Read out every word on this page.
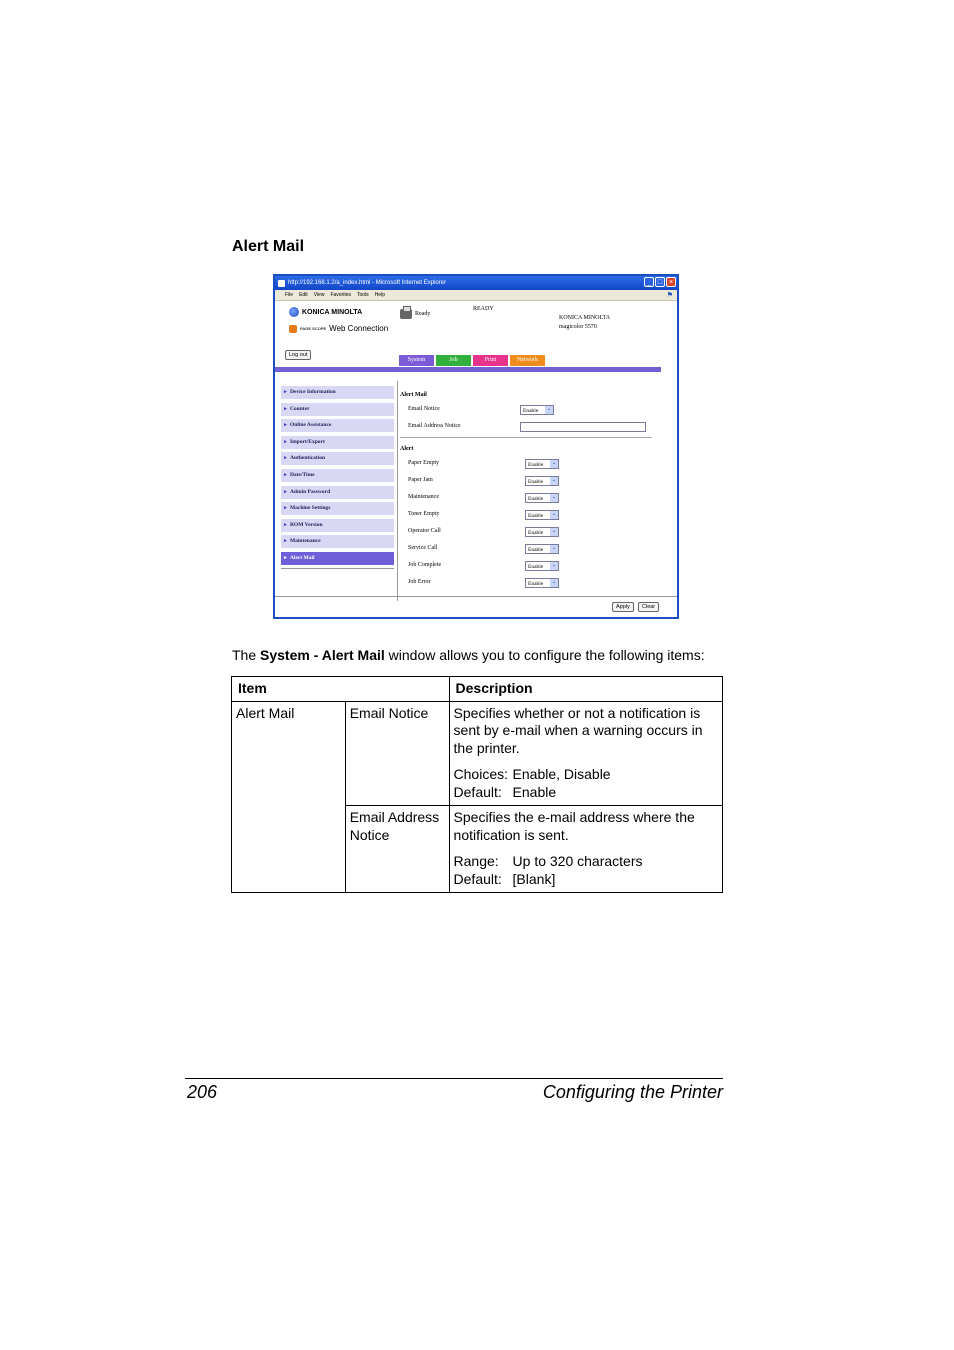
Alert Mail
http://192.168.1.2/a_index.html - Microsoft Internet Explorer	_ □ ×
File Edit View Favorites Tools Help	⚑
KONICA MINOLTA
PAGE SCOPE Web Connection
Ready
READY
KONICA MINOLTA
magicolor 5570
Log out
System	Job	Print	Network
► Device Information
► Counter
► Online Assistance
► Import/Export
► Authentication
► Date/Time
► Admin Password
► Machine Settings
► ROM Version
► Maintenance
► Alert Mail
Alert Mail
Email Notice	Enable	⌄
Email Address Notice
Alert
Paper Empty	Enable	⌄
Paper Jam	Enable	⌄
Maintenance	Enable	⌄
Toner Empty	Enable	⌄
Operator Call	Enable	⌄
Service Call	Enable	⌄
Job Complete	Enable	⌄
Job Error	Enable	⌄
Apply	Clear
The System - Alert Mail window allows you to configure the following items:
Item		Description
Alert Mail	Email Notice	Specifies whether or not a notification is sent by e-mail when a warning occurs in the printer.

Choices: Enable, Disable
Default: Enable

	Email Address Notice	Specifies the e-mail address where the notification is sent.

Range: Up to 320 characters
Default: [Blank]
206	Configuring the Printer
